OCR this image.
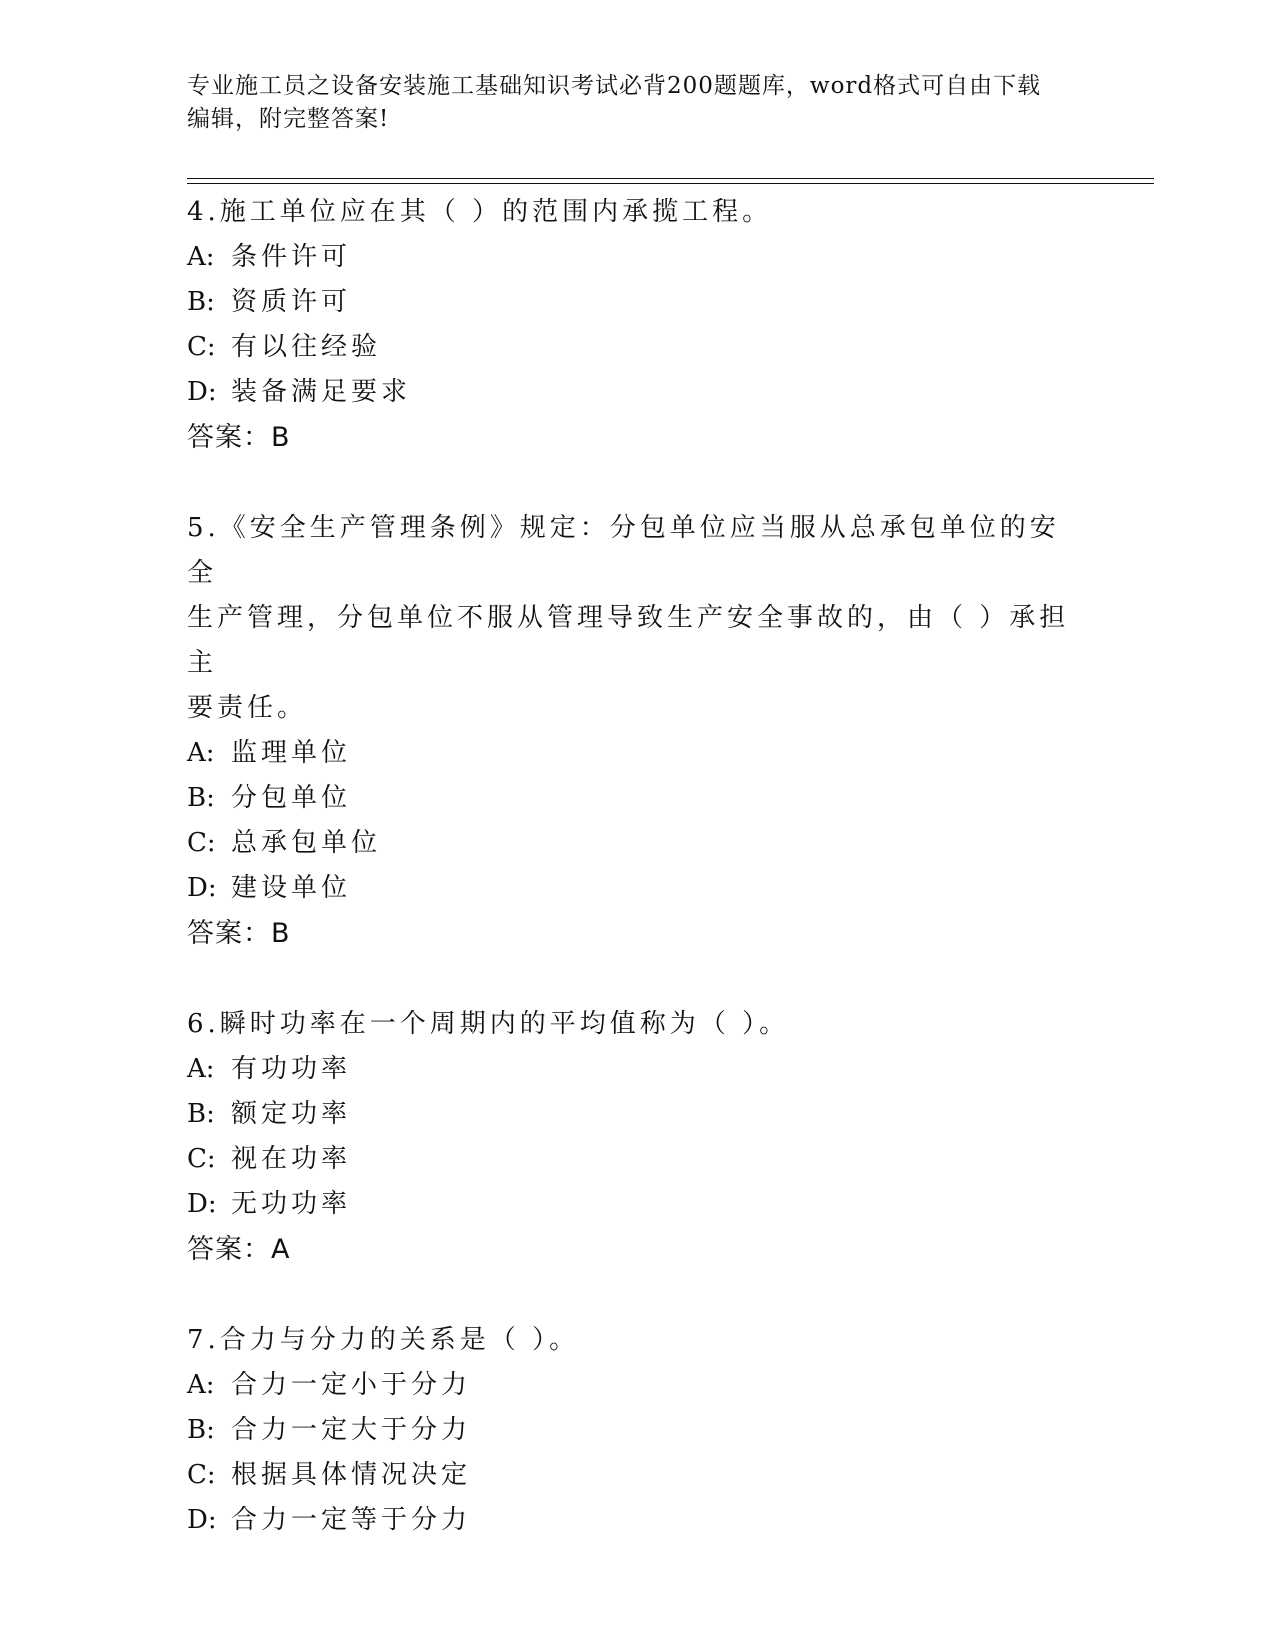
专业施工员之设备安装施工基础知识考试必背200题题库，word格式可自由下载
编辑，附完整答案!

4.施工单位应在其（ ）的范围内承揽工程。

A: 条件许可

B: 资质许可

C: 有以往经验

D: 装备满足要求

答案：B

5.《安全生产管理条例》规定：分包单位应当服从总承包单位的安全

生产管理，分包单位不服从管理导致生产安全事故的，由（ ）承担主

要责任。

A: 监理单位

B: 分包单位

C: 总承包单位

D: 建设单位

答案：B

6.瞬时功率在一个周期内的平均值称为（ ）。

A: 有功功率

B: 额定功率

C: 视在功率

D: 无功功率

答案：A

7.合力与分力的关系是（ ）。

A: 合力一定小于分力

B: 合力一定大于分力

C: 根据具体情况决定

D: 合力一定等于分力
